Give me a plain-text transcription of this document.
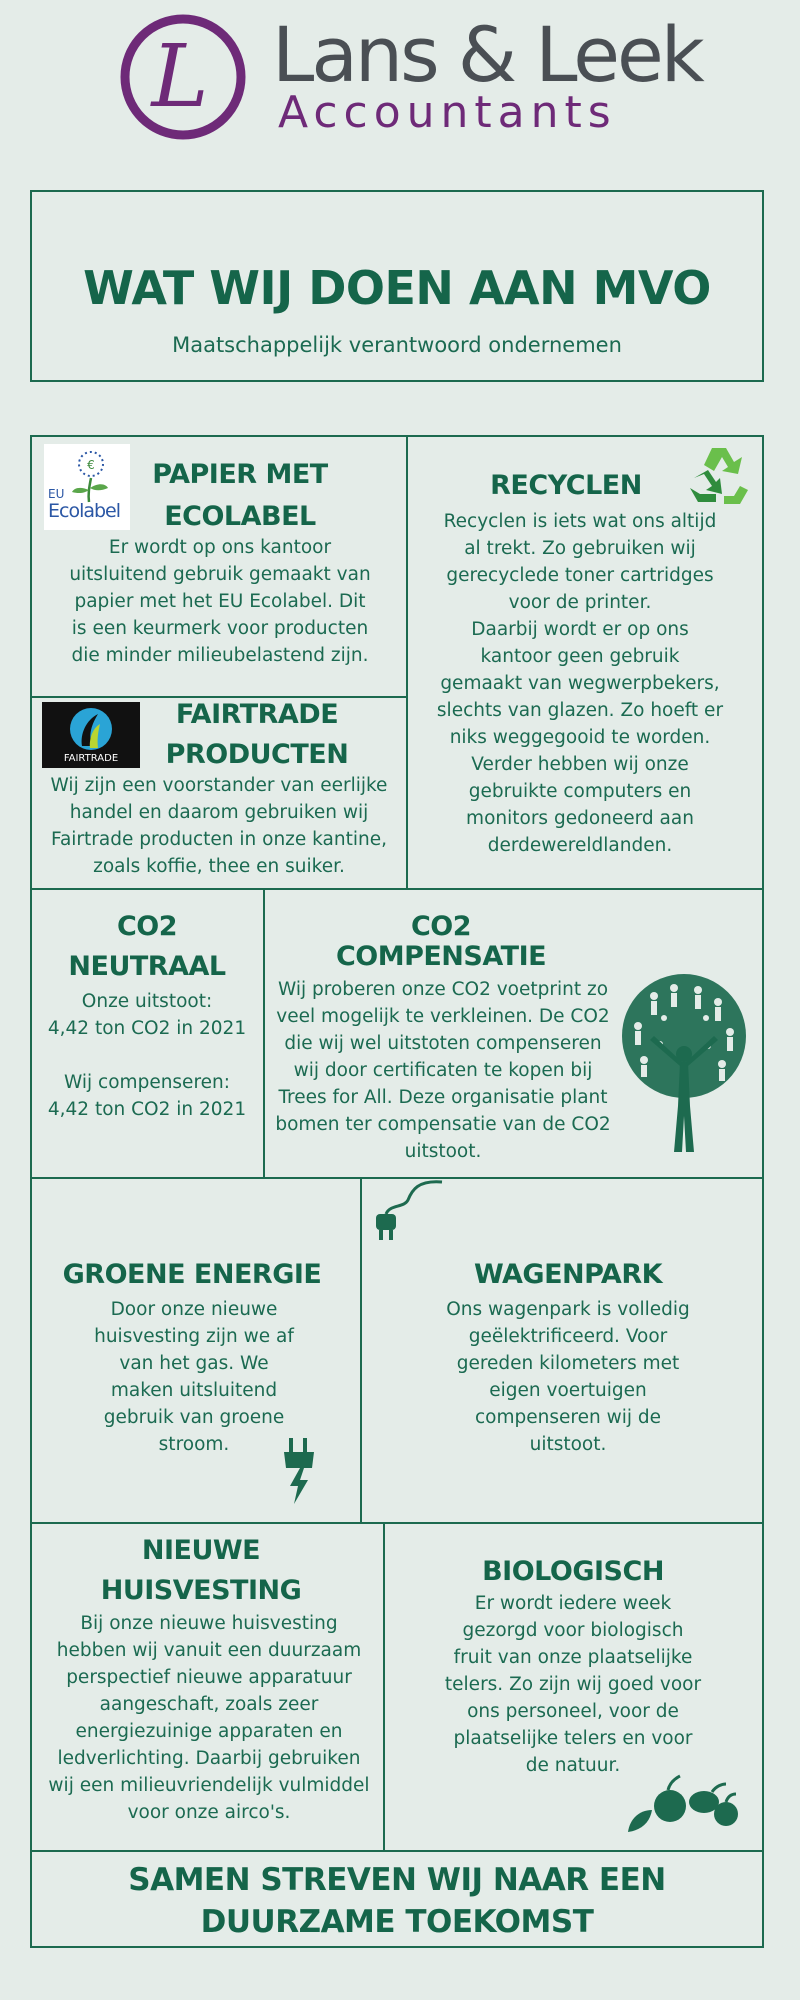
L Lans & Leek
Accountants
WAT WIJ DOEN AAN MVO
Maatschappelijk verantwoord ondernemen
€
EU
Ecolabel
PAPIER MET
ECOLABEL
Er wordt op ons kantoor
uitsluitend gebruik gemaakt van
papier met het EU Ecolabel. Dit
is een keurmerk voor producten
die minder milieubelastend zijn.
RECYCLEN
Recyclen is iets wat ons altijd
al trekt. Zo gebruiken wij
gerecyclede toner cartridges
voor de printer.
Daarbij wordt er op ons
kantoor geen gebruik
gemaakt van wegwerpbekers,
slechts van glazen. Zo hoeft er
niks weggegooid te worden.
Verder hebben wij onze
gebruikte computers en
monitors gedoneerd aan
derdewereldlanden.
FAIRTRADE
FAIRTRADE
PRODUCTEN
Wij zijn een voorstander van eerlijke
handel en daarom gebruiken wij
Fairtrade producten in onze kantine,
zoals koffie, thee en suiker.
CO2
NEUTRAAL
Onze uitstoot:
4,42 ton CO2 in 2021
Wij compenseren:
4,42 ton CO2 in 2021
CO2
COMPENSATIE
Wij proberen onze CO2 voetprint zo
veel mogelijk te verkleinen. De CO2
die wij wel uitstoten compenseren
wij door certificaten te kopen bij
Trees for All. Deze organisatie plant
bomen ter compensatie van de CO2
uitstoot.
GROENE ENERGIE
Door onze nieuwe
huisvesting zijn we af
van het gas. We
maken uitsluitend
gebruik van groene
stroom.
WAGENPARK
Ons wagenpark is volledig
geëlektrificeerd. Voor
gereden kilometers met
eigen voertuigen
compenseren wij de
uitstoot.
NIEUWE
HUISVESTING
Bij onze nieuwe huisvesting
hebben wij vanuit een duurzaam
perspectief nieuwe apparatuur
aangeschaft, zoals zeer
energiezuinige apparaten en
ledverlichting. Daarbij gebruiken
wij een milieuvriendelijk vulmiddel
voor onze airco's.
BIOLOGISCH
Er wordt iedere week
gezorgd voor biologisch
fruit van onze plaatselijke
telers. Zo zijn wij goed voor
ons personeel, voor de
plaatselijke telers en voor
de natuur.
SAMEN STREVEN WIJ NAAR EEN
DUURZAME TOEKOMST
